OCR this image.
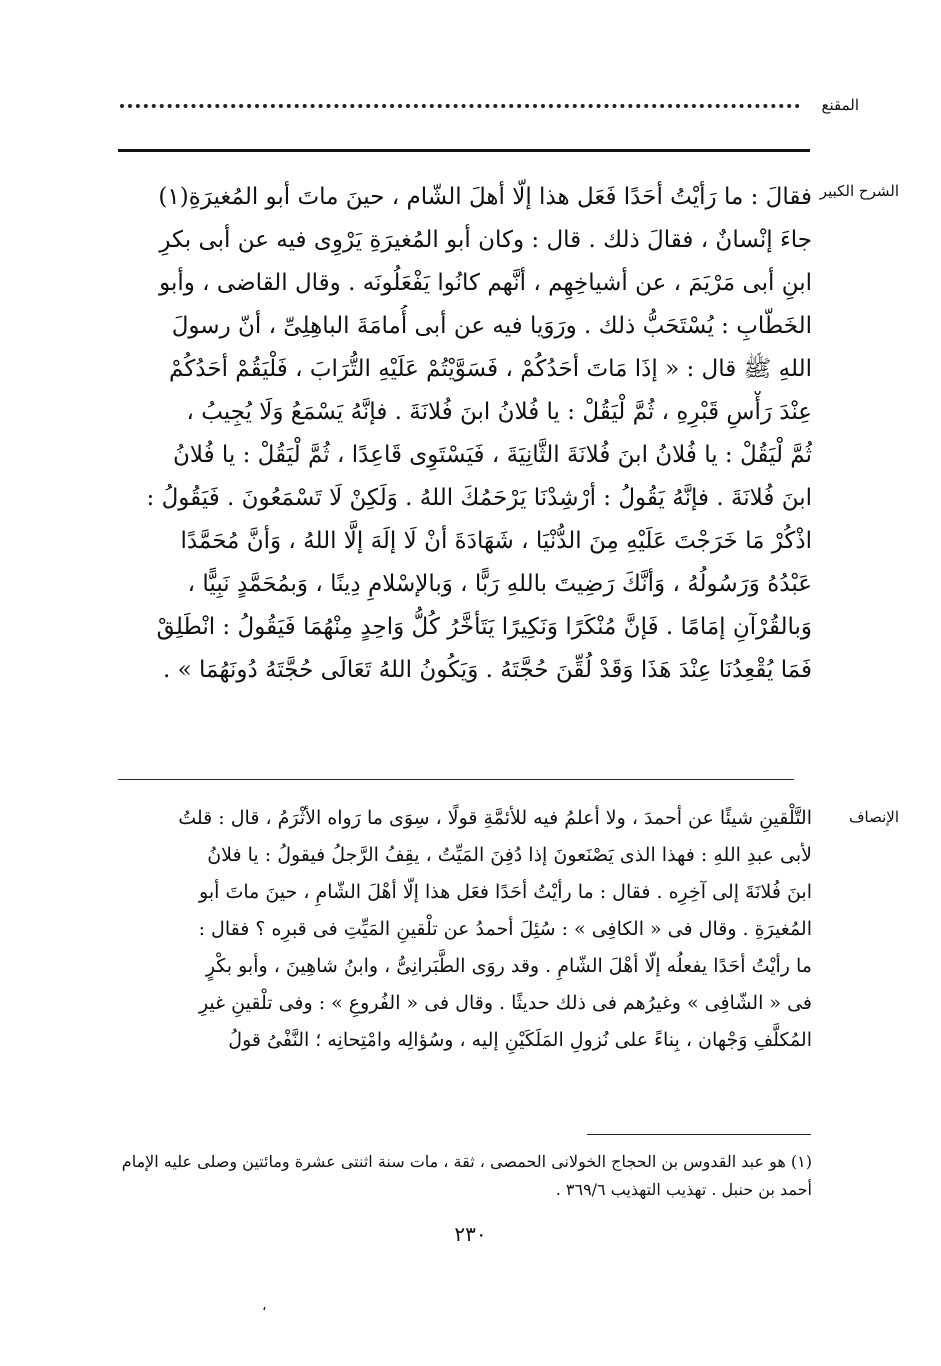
المقنع
الشرح الكبير
الإنصاف
فقالَ : ما رَأيْتُ أحَدًا فَعَل هذا إلّا أهلَ الشّام ، حينَ ماتَ أبو المُغيرَةِ(١)
جاءَ إنْسانٌ ، فقالَ ذلك . قال : وكان أبو المُغيرَةِ يَرْوِى فيه عن أبى بكرِ
ابنِ أبى مَرْيَمَ ، عن أشياخِهِم ، أنَّهم كانُوا يَفْعَلُونَه . وقال القاضى ، وأبو
الخَطّابِ : يُسْتَحَبُّ ذلك . ورَوَيا فيه عن أبى أُمامَةَ الباهِلِىِّ ، أنّ رسولَ
اللهِ ﷺ قال : « إذَا مَاتَ أحَدُكُمْ ، فَسَوَّيْتُمْ عَلَيْهِ التُّرَابَ ، فَلْيَقُمْ أحَدُكُمْ
عِنْدَ رَأْسِ قَبْرِهِ ، ثُمَّ لْيَقُلْ : يا فُلانُ ابنَ فُلانَةَ . فإنَّهُ يَسْمَعُ وَلَا يُجِيبُ ،
ثُمَّ لْيَقُلْ : يا فُلانُ ابنَ فُلانَةَ الثَّانِيَةَ ، فَيَسْتَوِى قَاعِدًا ، ثُمَّ لْيَقُلْ : يا فُلانُ
ابنَ فُلانَةَ . فإنَّهُ يَقُولُ : أرْشِدْنَا يَرْحَمُكَ اللهُ . وَلَكِنْ لَا تَسْمَعُونَ . فَيَقُولُ :
اذْكُرْ مَا خَرَجْتَ عَلَيْهِ مِنَ الدُّنْيَا ، شَهَادَةَ أنْ لَا إلَهَ إلَّا اللهُ ، وَأنَّ مُحَمَّدًا
عَبْدُهُ وَرَسُولُهُ ، وَأنَّكَ رَضِيتَ باللهِ رَبًّا ، وَبالإسْلامِ دِينًا ، وَبمُحَمَّدٍ نَبِيًّا ،
وَبالقُرْآنِ إمَامًا . فَإنَّ مُنْكَرًا وَنَكِيرًا يَتَأخَّرُ كُلُّ وَاحِدٍ مِنْهُمَا فَيَقُولُ : انْطَلِقْ
فَمَا يُقْعِدُنَا عِنْدَ هَذَا وَقَدْ لُقِّنَ حُجَّتَهُ . وَيَكُونُ اللهُ تَعَالَى حُجَّتَهُ دُونَهُمَا » .
التَّلْقينِ شيئًا عن أحمدَ ، ولا أعلمُ فيه للأئمَّةِ قولًا ، سِوَى ما رَواه الأثْرَمُ ، قال : قلتُ
لأبى عبدِ اللهِ : فهذا الذى يَصْنَعونَ إذا دُفِنَ المَيِّتُ ، يقِفُ الرَّجلُ فيقولُ : يا فلانُ
ابنَ فُلانَةَ إلى آخِرِه . فقال : ما رأيْتُ أحَدًا فعَل هذا إلّا أهْلَ الشّامِ ، حينَ ماتَ أبو
المُغيرَةِ . وقال فى « الكافِى » : سُئِلَ أحمدُ عن تلْقينِ المَيِّتِ فى قبرِه ؟ فقال :
ما رأيْتُ أحَدًا يفعلُه إلّا أهْلَ الشّامِ . وقد روَى الطَّبَرانِىُّ ، وابنُ شاهِينَ ، وأبو بكْرٍ
فى « الشّافِى » وغيرُهم فى ذلك حديثًا . وقال فى « الفُروعِ » : وفى تلْقينِ غيرِ
المُكلَّفِ وَجْهان ، بِناءً على نُزولِ المَلَكَيْنِ إليه ، وسُؤالِه وامْتِحانِه ؛ النَّفْىُ قولُ
(١) هو عبد القدوس بن الحجاج الخولانى الحمصى ، ثقة ، مات سنة اثنتى عشرة ومائتين وصلى عليه الإمام
أحمد بن حنبل . تهذيب التهذيب ٣٦٩/٦ .
٢٣٠
،
